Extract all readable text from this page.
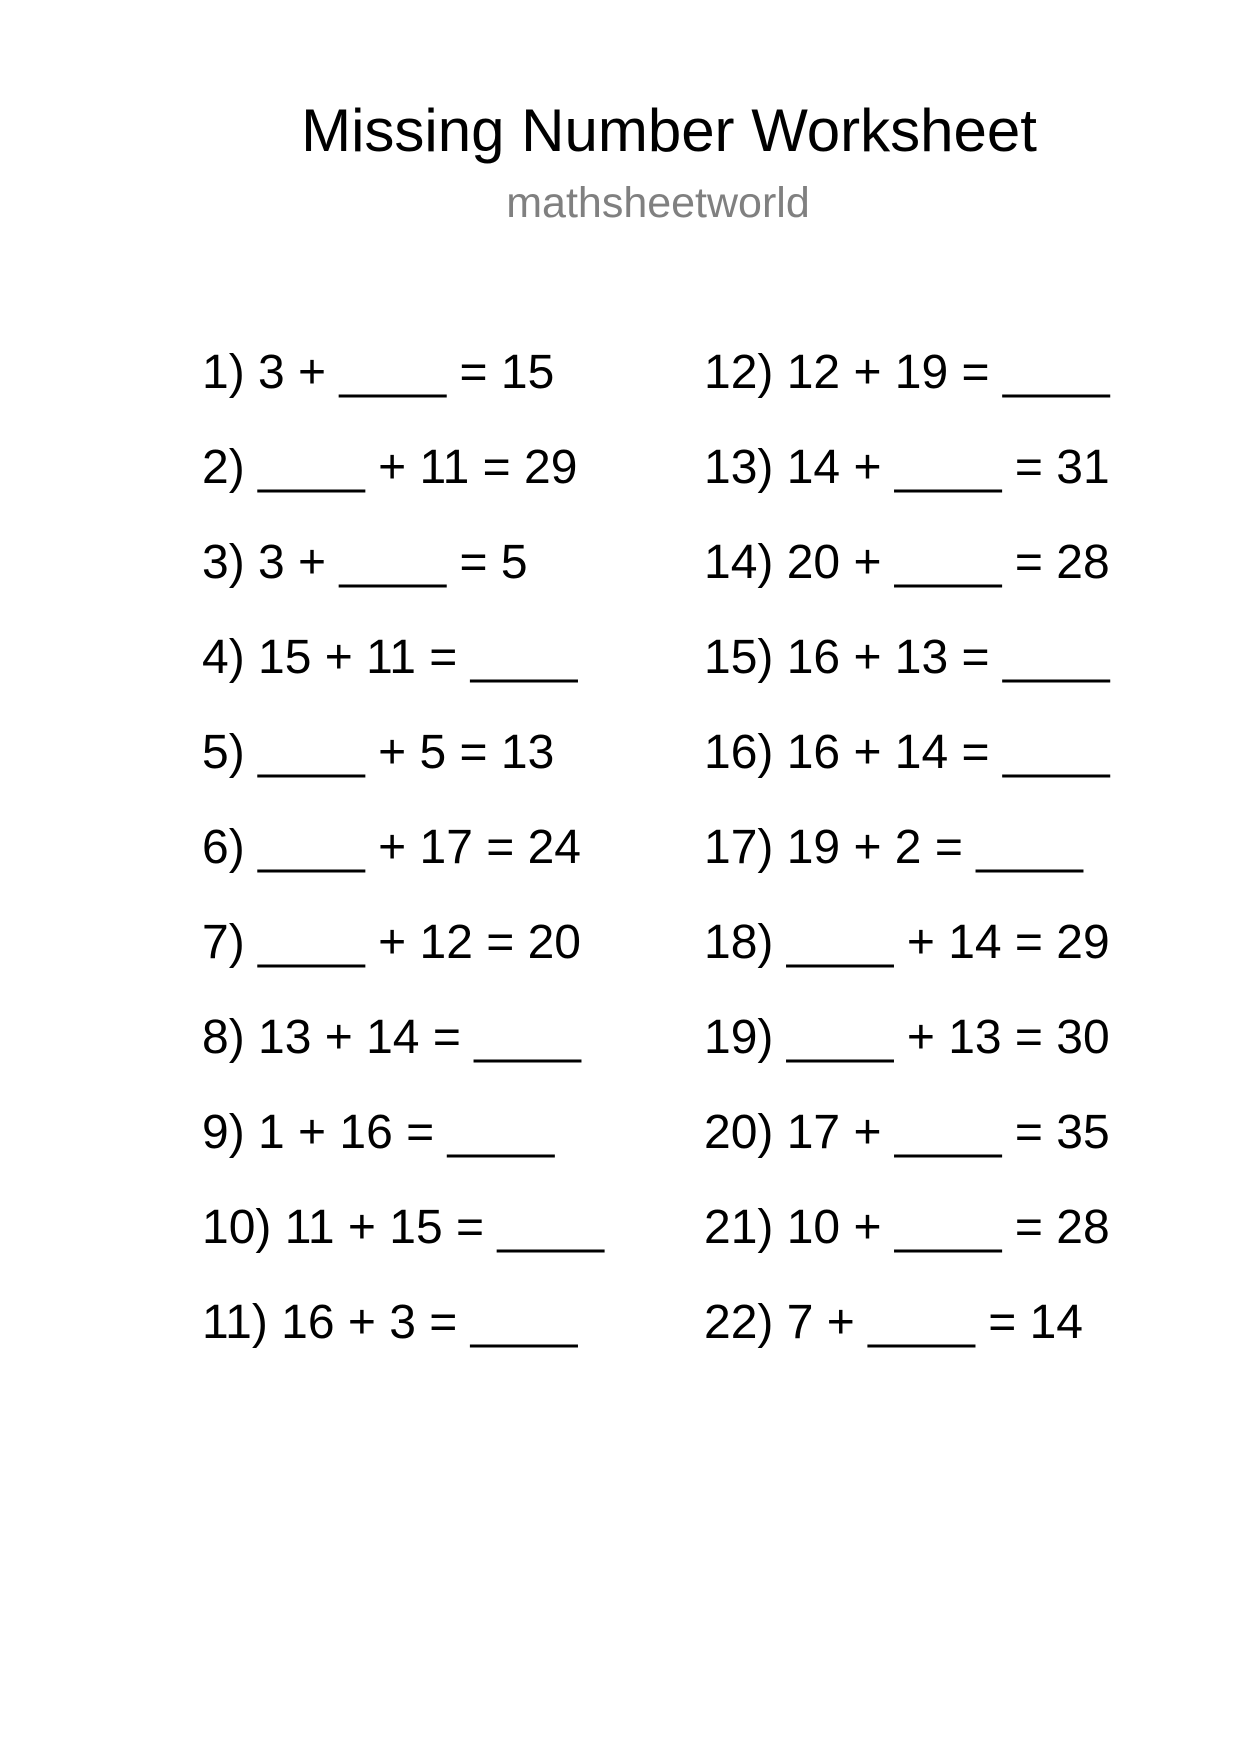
Missing Number Worksheet
mathsheetworld
1) 3 + ____ = 15
2) ____ + 11 = 29
3) 3 + ____ = 5
4) 15 + 11 = ____
5) ____ + 5 = 13
6) ____ + 17 = 24
7) ____ + 12 = 20
8) 13 + 14 = ____
9) 1 + 16 = ____
10) 11 + 15 = ____
11) 16 + 3 = ____
12) 12 + 19 = ____
13) 14 + ____ = 31
14) 20 + ____ = 28
15) 16 + 13 = ____
16) 16 + 14 = ____
17) 19 + 2 = ____
18) ____ + 14 = 29
19) ____ + 13 = 30
20) 17 + ____ = 35
21) 10 + ____ = 28
22) 7 + ____ = 14
